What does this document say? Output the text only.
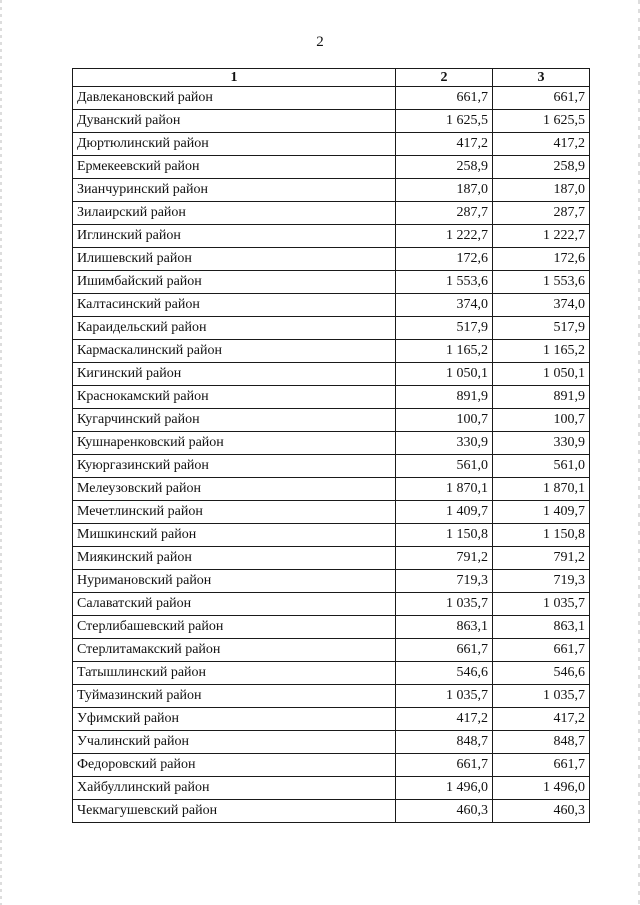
2
1	2	3
Давлекановский район	661,7	661,7
Дуванский район	1 625,5	1 625,5
Дюртюлинский район	417,2	417,2
Ермекеевский район	258,9	258,9
Зианчуринский район	187,0	187,0
Зилаирский район	287,7	287,7
Иглинский район	1 222,7	1 222,7
Илишевский район	172,6	172,6
Ишимбайский район	1 553,6	1 553,6
Калтасинский район	374,0	374,0
Караидельский район	517,9	517,9
Кармаскалинский район	1 165,2	1 165,2
Кигинский район	1 050,1	1 050,1
Краснокамский район	891,9	891,9
Кугарчинский район	100,7	100,7
Кушнаренковский район	330,9	330,9
Куюргазинский район	561,0	561,0
Мелеузовский район	1 870,1	1 870,1
Мечетлинский район	1 409,7	1 409,7
Мишкинский район	1 150,8	1 150,8
Миякинский район	791,2	791,2
Нуримановский район	719,3	719,3
Салаватский район	1 035,7	1 035,7
Стерлибашевский район	863,1	863,1
Стерлитамакский район	661,7	661,7
Татышлинский район	546,6	546,6
Туймазинский район	1 035,7	1 035,7
Уфимский район	417,2	417,2
Учалинский район	848,7	848,7
Федоровский район	661,7	661,7
Хайбуллинский район	1 496,0	1 496,0
Чекмагушевский район	460,3	460,3
